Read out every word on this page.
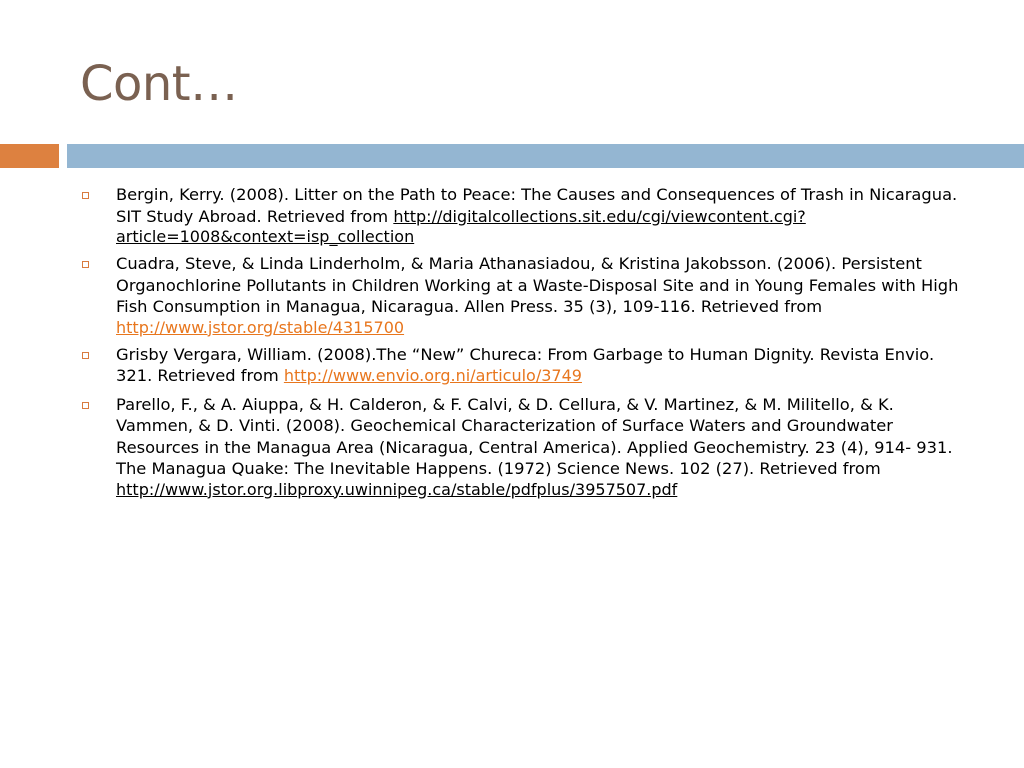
Cont…
Bergin, Kerry. (2008). Litter on the Path to Peace: The Causes and Consequences of Trash in Nicaragua. SIT Study Abroad. Retrieved from http://digitalcollections.sit.edu/cgi/viewcontent.cgi?article=1008&context=isp_collection
Cuadra, Steve, & Linda Linderholm, & Maria Athanasiadou, & Kristina Jakobsson. (2006). Persistent Organochlorine Pollutants in Children Working at a Waste-Disposal Site and in Young Females with High Fish Consumption in Managua, Nicaragua. Allen Press. 35 (3), 109-116. Retrieved from http://www.jstor.org/stable/4315700
Grisby Vergara, William. (2008).The “New” Chureca: From Garbage to Human Dignity. Revista Envio. 321. Retrieved from http://www.envio.org.ni/articulo/3749
Parello, F., & A. Aiuppa, & H. Calderon, & F. Calvi, & D. Cellura, & V. Martinez, & M. Militello, & K. Vammen, & D. Vinti. (2008). Geochemical Characterization of Surface Waters and Groundwater Resources in the Managua Area (Nicaragua, Central America). Applied Geochemistry. 23 (4), 914- 931. The Managua Quake: The Inevitable Happens. (1972) Science News. 102 (27). Retrieved from http://www.jstor.org.libproxy.uwinnipeg.ca/stable/pdfplus/3957507.pdf
